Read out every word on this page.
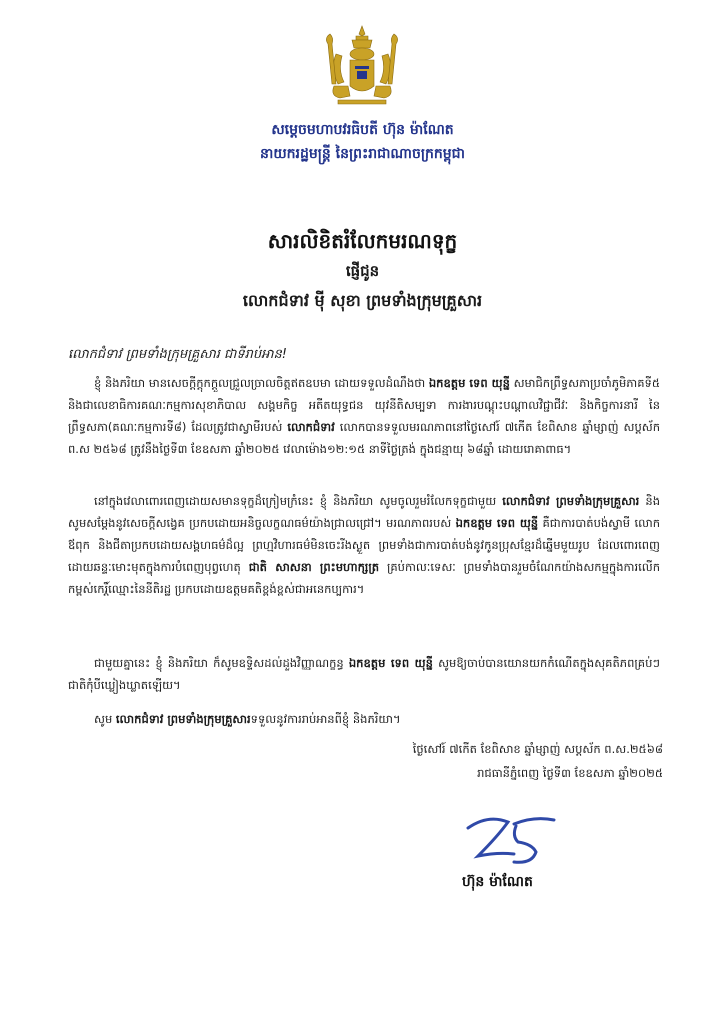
សម្ដេចមហាបវរធិបតី ហ៊ុន ម៉ាណែត
នាយករដ្ឋមន្ត្រី នៃព្រះរាជាណាចក្រកម្ពុជា
សារលិខិតរំលែកមរណទុក្ខ
ផ្ញើជូន
លោកជំទាវ ម៉ី សុខា ព្រមទាំងក្រុមគ្រួសារ
លោកជំទាវ ព្រមទាំងក្រុមគ្រួសារ ជាទីរាប់អាន!

ខ្ញុំ និងភរិយា មានសេចក្ដីក្ដុកក្ដួលជ្រួលច្រាលចិត្តឥតឧបមា ដោយទទួលដំណឹងថា ឯកឧត្តម ទេព យុន្នី សមាជិកព្រឹទ្ធសភាប្រចាំភូមិភាគទី៥ និងជាលេខាធិការគណៈកម្មការសុខាភិបាល សង្គមកិច្ច អតីតយុទ្ធជន យុវនីតិសម្បទា ការងារបណ្តុះបណ្តាលវិជ្ជាជីវៈ និងកិច្ចការនារី នៃព្រឹទ្ធសភា(គណៈកម្មការទី៨) ដែលត្រូវជាស្វាមីរបស់ លោកជំទាវ លោកបានទទួលមរណភាពនៅថ្ងៃសៅរ៍ ៧កើត ខែពិសាខ ឆ្នាំម្សាញ់ សប្តស័ក ព.ស ២៥៦៨ ត្រូវនឹងថ្ងៃទី៣ ខែឧសភា ឆ្នាំ២០២៥ វេលាម៉ោង១២:១៥ នាទីថ្ងៃត្រង់ ក្នុងជន្មាយុ ៦៨ឆ្នាំ ដោយរោគាពាធ។

នៅក្នុងវេលាពោរពេញដោយសមានទុក្ខដ៏ក្រៀមក្រំនេះ ខ្ញុំ និងភរិយា សូមចូលរួមរំលែកទុក្ខជាមួយ លោកជំទាវ ព្រមទាំងក្រុមគ្រួសារ និងសូមសម្តែងនូវសេចក្តីសង្វេគ ប្រកបដោយអនិច្ចលក្ខណធម៌យ៉ាងជ្រាលជ្រៅ។ មរណភាពរបស់ ឯកឧត្តម ទេព យុន្នី គឺជាការបាត់បង់ស្វាមី លោកឪពុក និងជីតាប្រកបដោយសង្គហធម៌ដ៏ល្អ ព្រហ្មវិហារធម៌មិនចេះរីងស្ងួត ព្រមទាំងជាការបាត់បង់នូវកូនប្រុសខ្មែរដ៏ឆ្នើមមួយរូប ដែលពោរពេញដោយឆន្ទៈមោះមុតក្នុងការបំពេញបុព្វហេតុ ជាតិ សាសនា ព្រះមហាក្សត្រ គ្រប់កាលៈទេសៈ ព្រមទាំងបានរួមចំណែកយ៉ាងសកម្មក្នុងការលើកកម្ពស់កេរ្តិ៍ឈ្មោះនៃនីតិរដ្ឋ ប្រកបដោយឧត្តមគតិខ្ពង់ខ្ពស់ជាអនេកប្បការ។

ជាមួយគ្នានេះ ខ្ញុំ និងភរិយា ក៏សូមឧទ្ទិសដល់ដួងវិញ្ញាណក្ខន្ធ ឯកឧត្តម ទេព យុន្នី សូមឱ្យចាប់បានយោនយកកំណើតក្នុងសុគតិភពគ្រប់ៗជាតិកុំបីឃ្លៀងឃ្លាតឡើយ។

សូម លោកជំទាវ ព្រមទាំងក្រុមគ្រួសារទទួលនូវការរាប់អានពីខ្ញុំ និងភរិយា។

ថ្ងៃសៅរ៍ ៧កើត ខែពិសាខ ឆ្នាំម្សាញ់ សប្តស័ក ព.ស.២៥៦៨
រាជធានីភ្នំពេញ ថ្ងៃទី៣ ខែឧសភា ឆ្នាំ២០២៥
ហ៊ុន ម៉ាណែត
